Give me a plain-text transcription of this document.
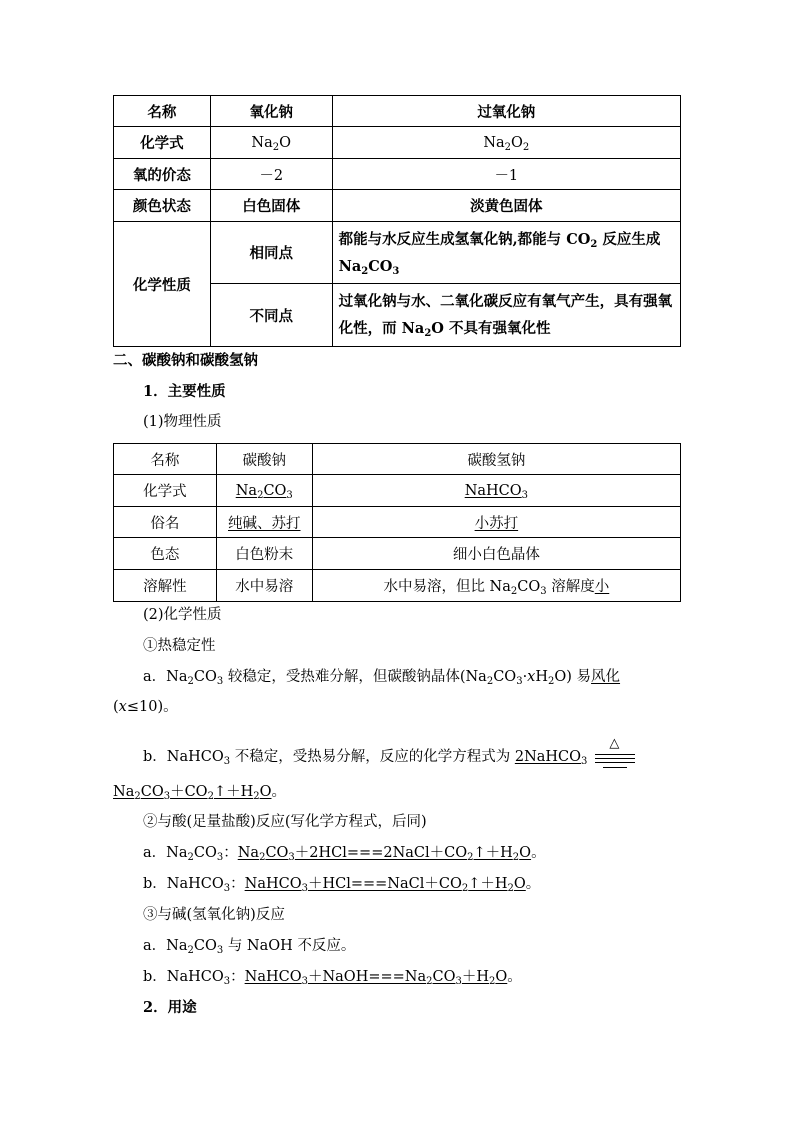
名称	氧化钠	过氧化钠
化学式	$Na_2O$	$Na_2O_2$
氧的价态	－2	－1
颜色状态	白色固体	淡黄色固体
化学性质	相同点	都能与水反应生成氢氧化钠,都能与 $CO_2$ 反应生成 $Na_2CO_3$
	不同点	过氧化钠与水、二氧化碳反应有氧气产生，具有强氧化性，而 $Na_2O$ 不具有强氧化性
二、碳酸钠和碳酸氢钠
1．主要性质
(1)物理性质
名称	碳酸钠	碳酸氢钠
化学式	$Na_2CO_3$	NaHCO$_3$
俗名	纯碱、苏打	小苏打
色态	白色粉末	细小白色晶体
溶解性	水中易溶	水中易溶，但比 $Na_2CO_3$ 溶解度小
(2)化学性质
①热稳定性
a．$Na_2CO_3$ 较稳定，受热难分解，但碳酸钠晶体$(Na_2CO_3\cdot xH_2O)$ 易风化
(x≤10)。
b．NaHCO$_3$ 不稳定，受热易分解，反应的化学方程式为 2NaHCO$_3$
△
$Na_2CO_3+CO_2↑+H_2O$。
②与酸(足量盐酸)反应(写化学方程式，后同)
a．$Na_2CO_3$：$Na_2CO_3+2HCl===2NaCl+CO_2↑+H_2O$。
b．NaHCO$_3$：$NaHCO_3+HCl===NaCl+CO_2↑+H_2O$。
③与碱(氢氧化钠)反应
a．$Na_2CO_3$ 与 NaOH 不反应。
b．NaHCO$_3$：$NaHCO_3+NaOH===Na_2CO_3+H_2O$。
2．用途
